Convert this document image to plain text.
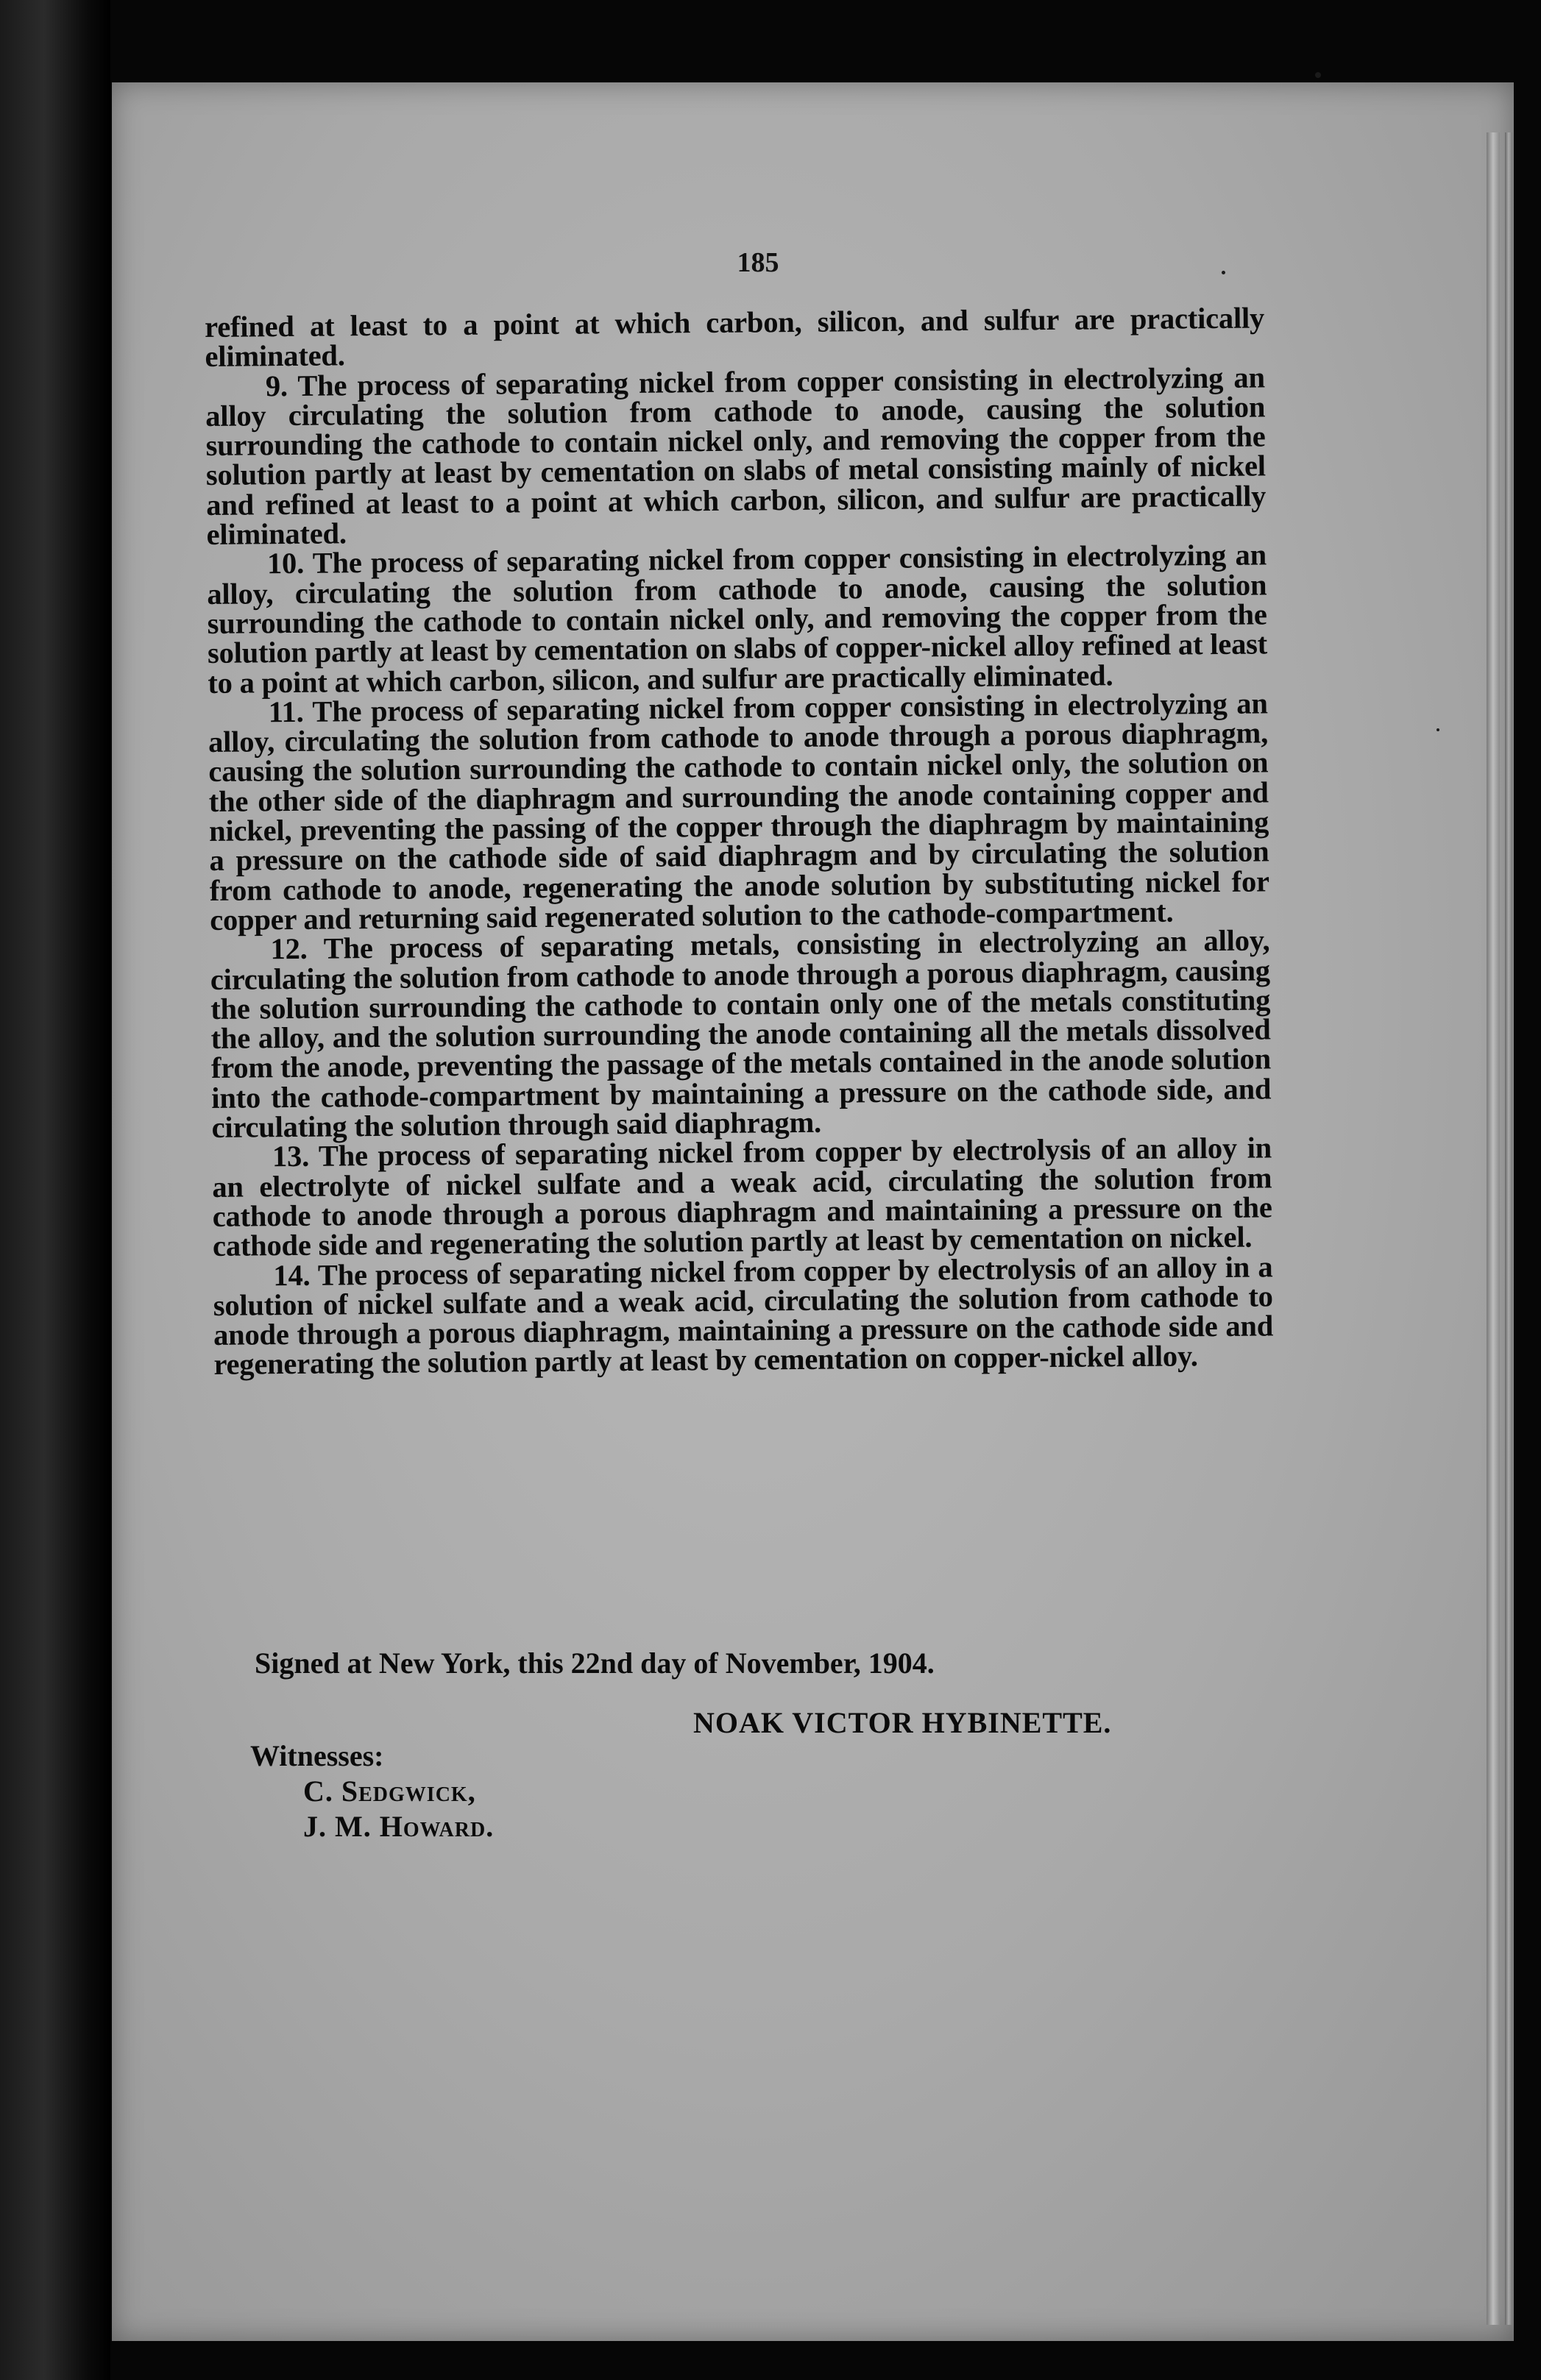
185

refined at least to a point at which carbon, silicon, and sulfur are practically eliminated.

9. The process of separating nickel from copper consisting in electrolyzing an alloy circulating the solution from cathode to anode, causing the solution surrounding the cathode to contain nickel only, and removing the copper from the solution partly at least by cementation on slabs of metal consisting mainly of nickel and refined at least to a point at which carbon, silicon, and sulfur are practically eliminated.

10. The process of separating nickel from copper consisting in electrolyzing an alloy, circulating the solution from cathode to anode, causing the solution surrounding the cathode to contain nickel only, and removing the copper from the solution partly at least by cementation on slabs of copper-nickel alloy refined at least to a point at which carbon, silicon, and sulfur are practically eliminated.

11. The process of separating nickel from copper consisting in electrolyzing an alloy, circulating the solution from cathode to anode through a porous diaphragm, causing the solution surrounding the cathode to contain nickel only, the solution on the other side of the diaphragm and surrounding the anode containing copper and nickel, preventing the passing of the copper through the diaphragm by maintaining a pressure on the cathode side of said diaphragm and by circulating the solution from cathode to anode, regenerating the anode solution by substituting nickel for copper and returning said regenerated solution to the cathode-compartment.

12. The process of separating metals, consisting in electrolyzing an alloy, circulating the solution from cathode to anode through a porous diaphragm, causing the solution surrounding the cathode to contain only one of the metals constituting the alloy, and the solution surrounding the anode containing all the metals dissolved from the anode, preventing the passage of the metals contained in the anode solution into the cathode-compartment by maintaining a pressure on the cathode side, and circulating the solution through said diaphragm.

13. The process of separating nickel from copper by electrolysis of an alloy in an electrolyte of nickel sulfate and a weak acid, circulating the solution from cathode to anode through a porous diaphragm and maintaining a pressure on the cathode side and regenerating the solution partly at least by cementation on nickel.

14. The process of separating nickel from copper by electrolysis of an alloy in a solution of nickel sulfate and a weak acid, circulating the solution from cathode to anode through a porous diaphragm, maintaining a pressure on the cathode side and regenerating the solution partly at least by cementation on copper-nickel alloy.

Signed at New York, this 22nd day of November, 1904.
NOAK VICTOR HYBINETTE.
Witnesses:
C. Sedgwick,
J. M. Howard.
